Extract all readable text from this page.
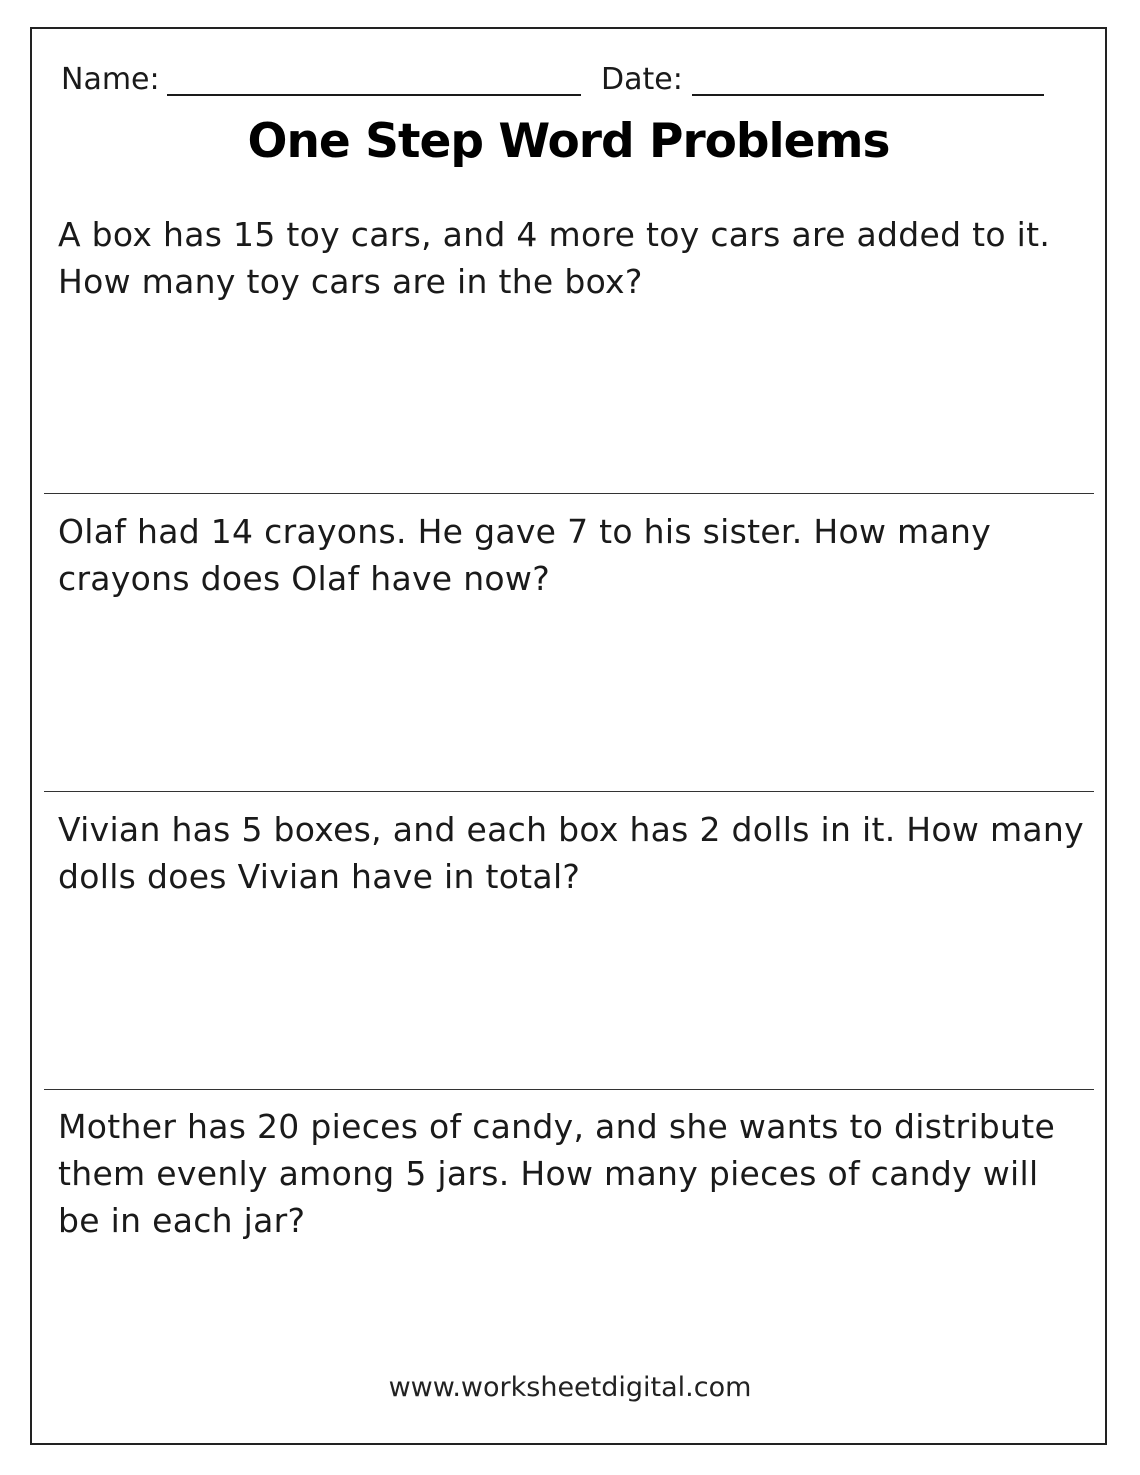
Name:	Date:
One Step Word Problems
A box has 15 toy cars, and 4 more toy cars are added to it. How many toy cars are in the box?
Olaf had 14 crayons. He gave 7 to his sister. How many crayons does Olaf have now?
Vivian has 5 boxes, and each box has 2 dolls in it. How many dolls does Vivian have in total?
Mother has 20 pieces of candy, and she wants to distribute them evenly among 5 jars. How many pieces of candy will be in each jar?
www.worksheetdigital.com
